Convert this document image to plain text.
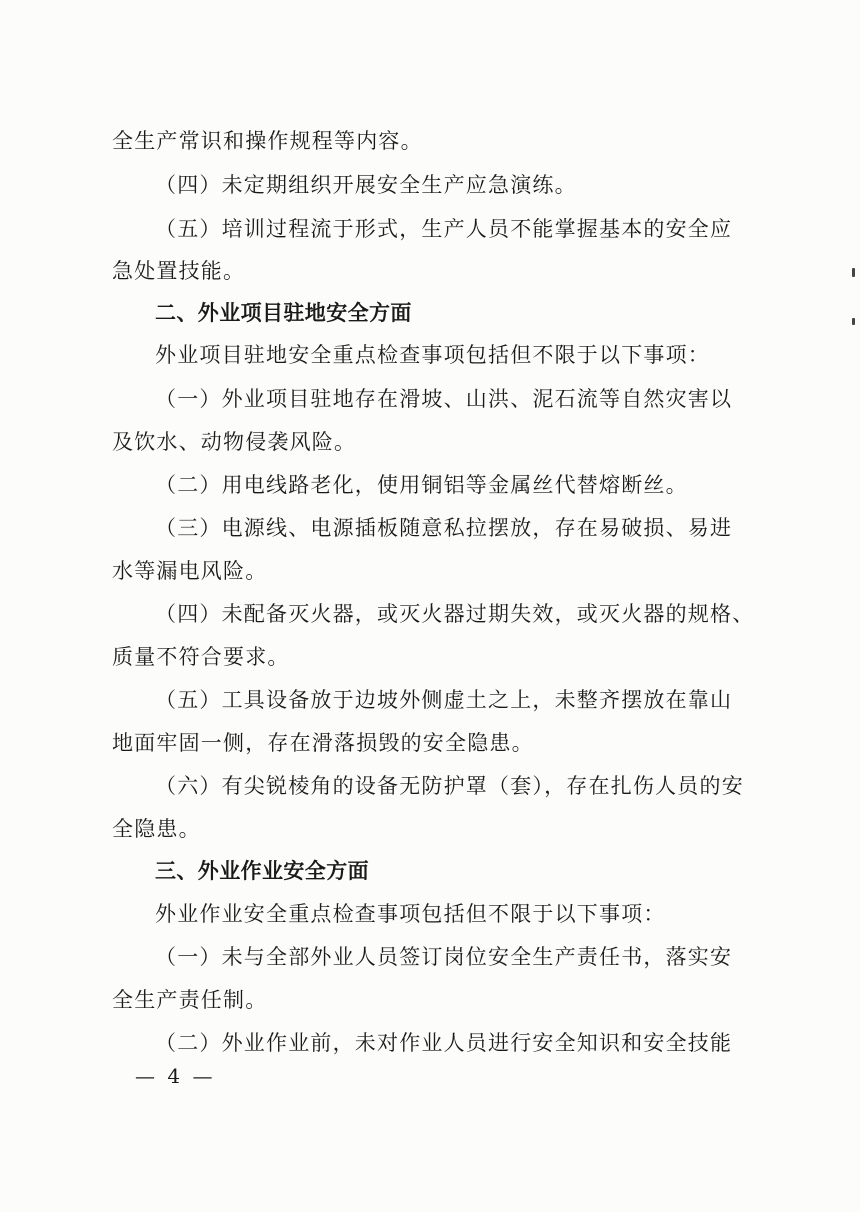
全生产常识和操作规程等内容。
（四）未定期组织开展安全生产应急演练。
（五）培训过程流于形式，生产人员不能掌握基本的安全应
急处置技能。
二、外业项目驻地安全方面
外业项目驻地安全重点检查事项包括但不限于以下事项：
（一）外业项目驻地存在滑坡、山洪、泥石流等自然灾害以
及饮水、动物侵袭风险。
（二）用电线路老化，使用铜铝等金属丝代替熔断丝。
（三）电源线、电源插板随意私拉摆放，存在易破损、易进
水等漏电风险。
（四）未配备灭火器，或灭火器过期失效，或灭火器的规格、
质量不符合要求。
（五）工具设备放于边坡外侧虚土之上，未整齐摆放在靠山
地面牢固一侧，存在滑落损毁的安全隐患。
（六）有尖锐棱角的设备无防护罩（套），存在扎伤人员的安
全隐患。
三、外业作业安全方面
外业作业安全重点检查事项包括但不限于以下事项：
（一）未与全部外业人员签订岗位安全生产责任书，落实安
全生产责任制。
（二）外业作业前，未对作业人员进行安全知识和安全技能
— 4 —
